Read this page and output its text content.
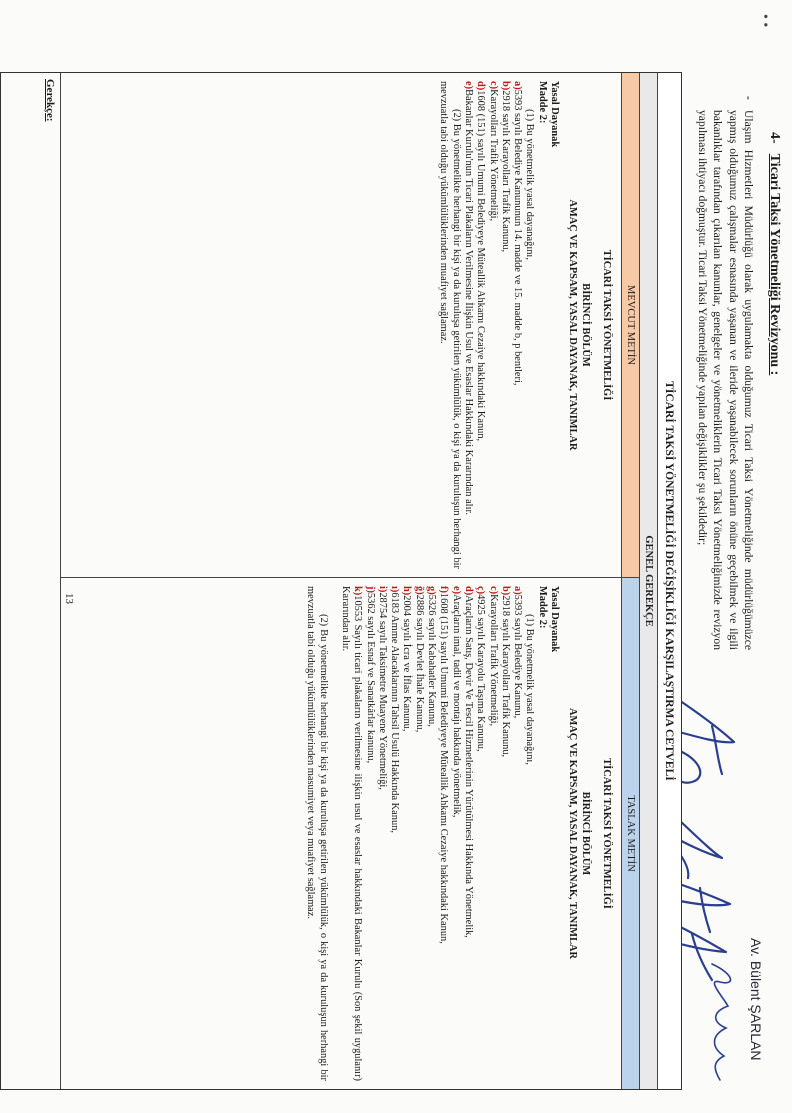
• •
4-Ticari Taksi Yönetmeliği Revizyonu :
-
Ulaşım Hizmetleri Müdürlüğü olarak uygulamakta olduğumuz Ticari Taksi Yönetmeliğinde müdürlüğümüzce yapmış olduğumuz çalışmalar esnasında yaşanan ve ileride yaşanabilecek sorunların önüne geçebilmek ve ilgili bakanlıklar tarafından çıkarılan kanunlar, genelgeler ve yönetmeliklerin Ticari Taksi Yönetmeliğimizde revizyon yapılması ihtiyacı doğmuştur. Ticari Taksi Yönetmeliğinde yapılan değişiklikler şu şekildedir;
Av. Bülent ŞARLAN
TİCARİ TAKSİ YÖNETMELİĞİ DEĞİŞİKLİĞİ KARŞILAŞTIRMA CETVELİ
GENEL GEREKÇE
MEVCUT METİN
TASLAK METİN
TİCARİ TAKSİ YÖNETMELİĞİ
BİRİNCİ BÖLÜM
AMAÇ VE KAPSAM, YASAL DAYANAK, TANIMLAR
Yasal Dayanak
Madde 2:
(1) Bu yönetmelik yasal dayanağını,
a)5393 sayılı Belediye Kanununun 14. madde ve 15. madde b, p bentleri,
b)2918 sayılı Karayolları Trafik Kanunu,
c)Karayolları Trafik Yönetmeliği,
d)1608 (151) sayılı Umumi Belediyeye Müteallik Ahkamı Cezaiye hakkındaki Kanun,
e)Bakanlar Kurulu'nun Ticari Plakaların Verilmesine İlişkin Usul ve Esaslar Hakkındaki Kararından alır.
(2) Bu yönetmelikte herhangi bir kişi ya da kuruluşa getirilen yükümlülük, o kişi ya da kuruluşun herhangi bir mevzuatla tabi olduğu yükümlülüklerinden muafiyet sağlamaz.
TİCARİ TAKSİ YÖNETMELİĞİ
BİRİNCİ BÖLÜM
AMAÇ VE KAPSAM, YASAL DAYANAK, TANIMLAR
Yasal Dayanak
Madde 2:
(1) Bu yönetmelik yasal dayanağını,
a)5393 sayılı Belediye Kanunu,
b)2918 sayılı Karayolları Trafik Kanunu,
c)Karayolları Trafik Yönetmeliği,
ç)4925 sayılı Karayolu Taşıma Kanunu,
d)Araçların Satış, Devir Ve Tescil Hizmetlerinin Yürütülmesi Hakkında Yönetmelik,
e)Araçların imal, tadil ve montajı hakkında yönetmelik,
f)1608 (151) sayılı Umumi Belediyeye Müteallik Ahkamı Cezaiye hakkındaki Kanun,
g)5326 sayılı Kabahatler Kanunu,
ğ)2886 sayılı Devlet İhale Kanunu,
h)2004 sayılı İcra ve İflas Kanunu,
ı)6183 Amme Alacaklarının Tahsil Usulü Hakkında Kanun,
i)28754 sayılı Taksimetre Muayene Yönetmeliği,
j)5362 sayılı Esnaf ve Sanatkârlar kanunu,
k)10553 Sayılı ticari plakaların verilmesine ilişkin usul ve esaslar hakkındaki Bakanlar Kurulu (Son şekil uygulanır) Kararından alır.
(2) Bu yönetmelikte herhangi bir kişi ya da kuruluşa getirilen yükümlülük, o kişi ya da kuruluşun herhangi bir mevzuatla tabi olduğu yükümlülüklerinden masumiyet veya muafiyet sağlamaz.
13
Gerekçe:
